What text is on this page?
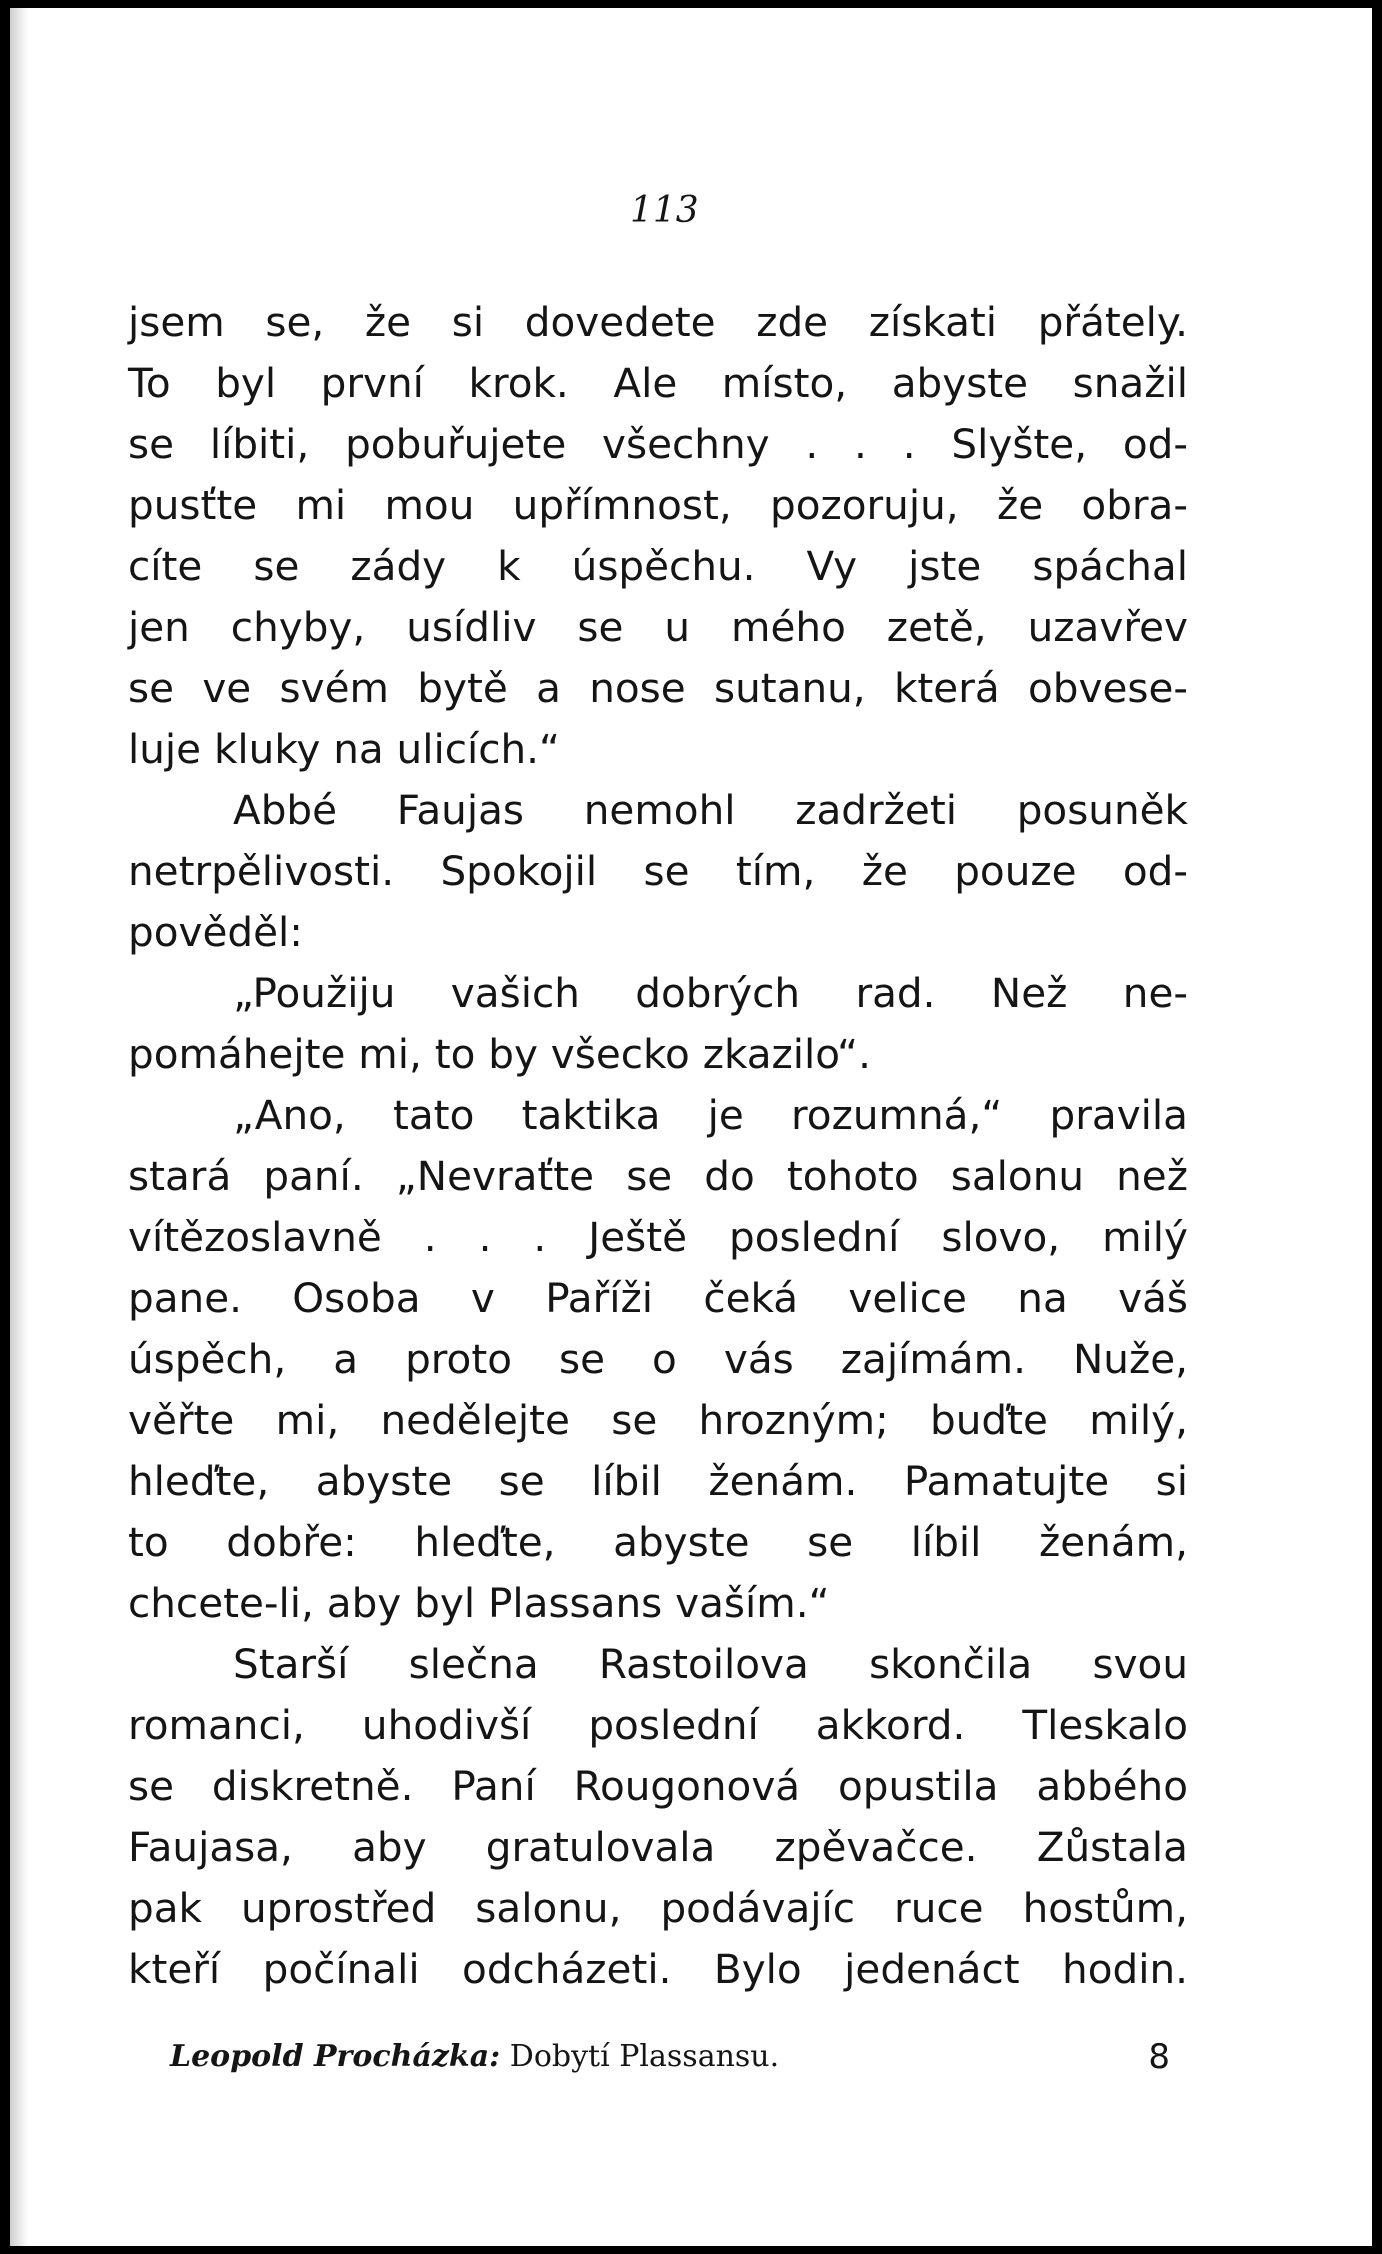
113
jsem se, že si dovedete zde získati přátely.
To byl první krok. Ale místo, abyste snažil
se líbiti, pobuřujete všechny . . . Slyšte, od-
pusťte mi mou upřímnost, pozoruju, že obra-
cíte se zády k úspěchu. Vy jste spáchal
jen chyby, usídliv se u mého zetě, uzavřev
se ve svém bytě a nose sutanu, která obvese-
luje kluky na ulicích.“
Abbé Faujas nemohl zadržeti posuněk
netrpělivosti. Spokojil se tím, že pouze od-
pověděl:
„Použiju vašich dobrých rad. Než ne-
pomáhejte mi, to by všecko zkazilo“.
„Ano, tato taktika je rozumná,“ pravila
stará paní. „Nevraťte se do tohoto salonu než
vítězoslavně . . . Ještě poslední slovo, milý
pane. Osoba v Paříži čeká velice na váš
úspěch, a proto se o vás zajímám. Nuže,
věřte mi, nedělejte se hrozným; buďte milý,
hleďte, abyste se líbil ženám. Pamatujte si
to dobře: hleďte, abyste se líbil ženám,
chcete-li, aby byl Plassans vaším.“
Starší slečna Rastoilova skončila svou
romanci, uhodivší poslední akkord. Tleskalo
se diskretně. Paní Rougonová opustila abbého
Faujasa, aby gratulovala zpěvačce. Zůstala
pak uprostřed salonu, podávajíc ruce hostům,
kteří počínali odcházeti. Bylo jedenáct hodin.
Leopold Procházka: Dobytí Plassansu.	8
